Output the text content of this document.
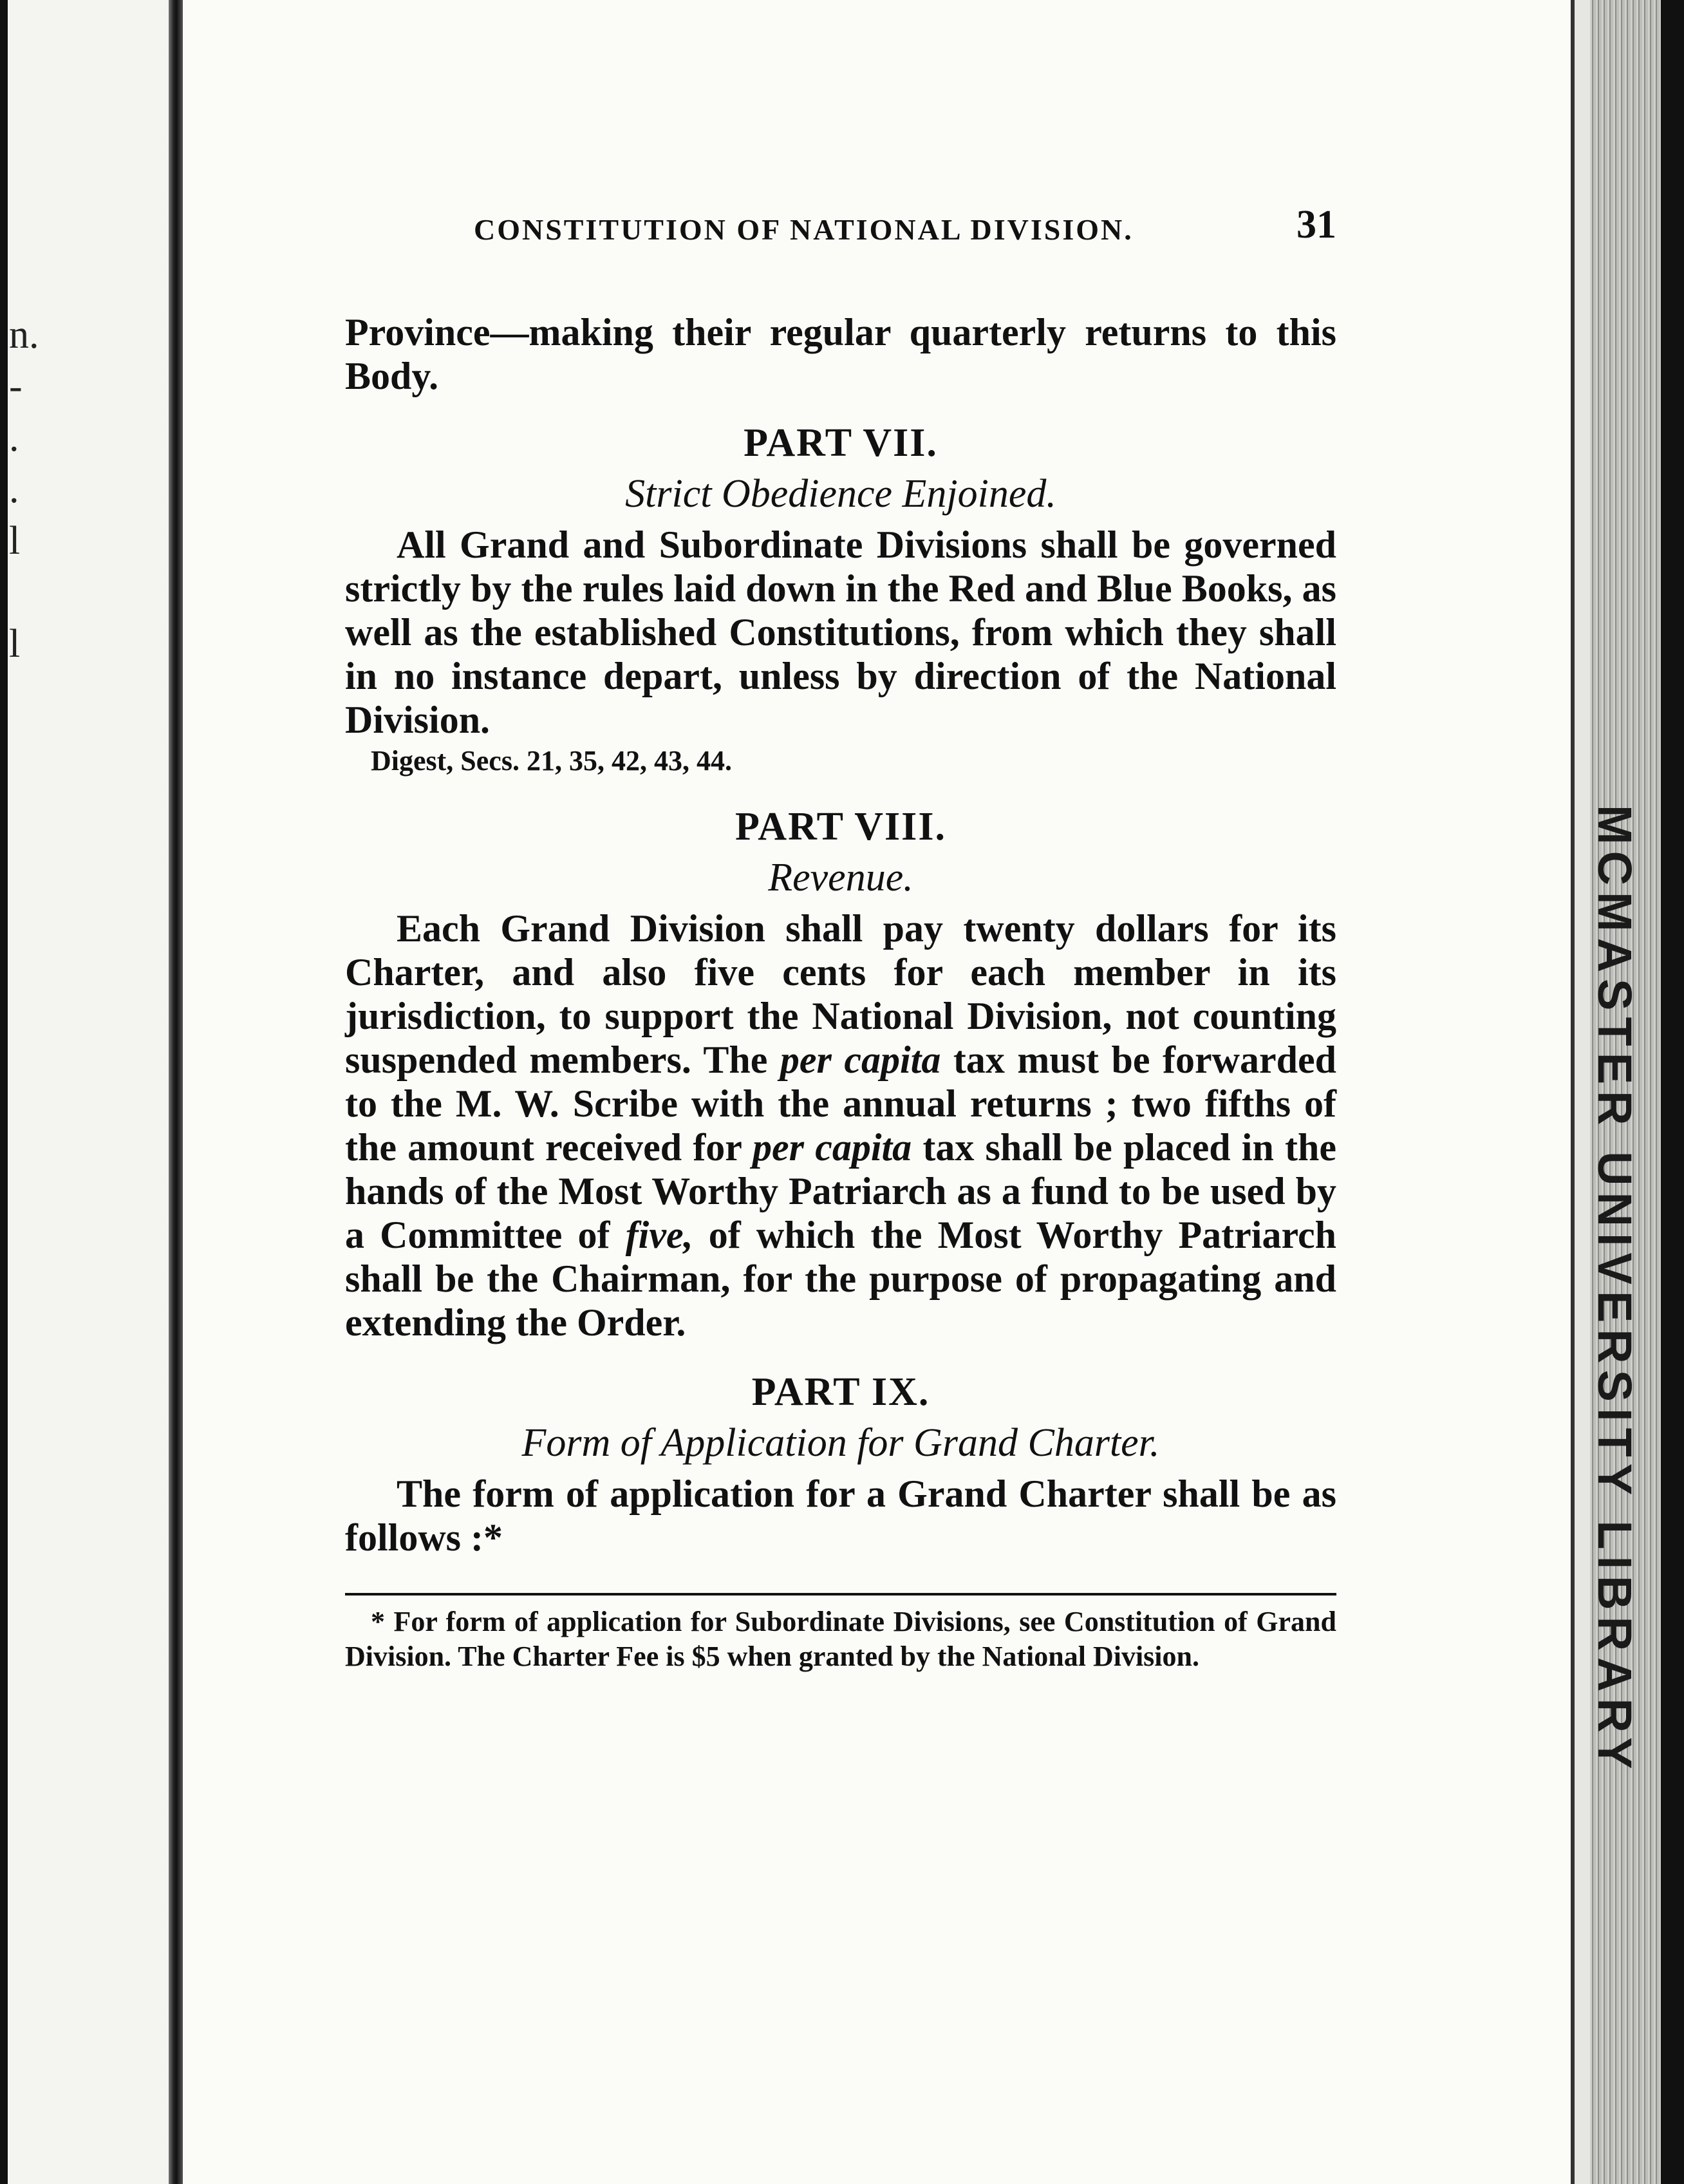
n.
-
.
.
l

l
MCMASTER UNIVERSITY LIBRARY
CONSTITUTION OF NATIONAL DIVISION.	31

Province—making their regular quarterly returns to this Body.

PART VII.

Strict Obedience Enjoined.

All Grand and Subordinate Divisions shall be governed strictly by the rules laid down in the Red and Blue Books, as well as the established Constitutions, from which they shall in no instance depart, unless by direction of the National Division.

Digest, Secs. 21, 35, 42, 43, 44.

PART VIII.

Revenue.

Each Grand Division shall pay twenty dollars for its Charter, and also five cents for each member in its jurisdiction, to support the National Division, not counting suspended members. The per capita tax must be forwarded to the M. W. Scribe with the annual returns ; two fifths of the amount received for per capita tax shall be placed in the hands of the Most Worthy Patriarch as a fund to be used by a Committee of five, of which the Most Worthy Patriarch shall be the Chairman, for the purpose of propagating and extending the Order.

PART IX.

Form of Application for Grand Charter.

The form of application for a Grand Charter shall be as follows :*

* For form of application for Subordinate Divisions, see Constitution of Grand Division. The Charter Fee is $5 when granted by the National Division.
